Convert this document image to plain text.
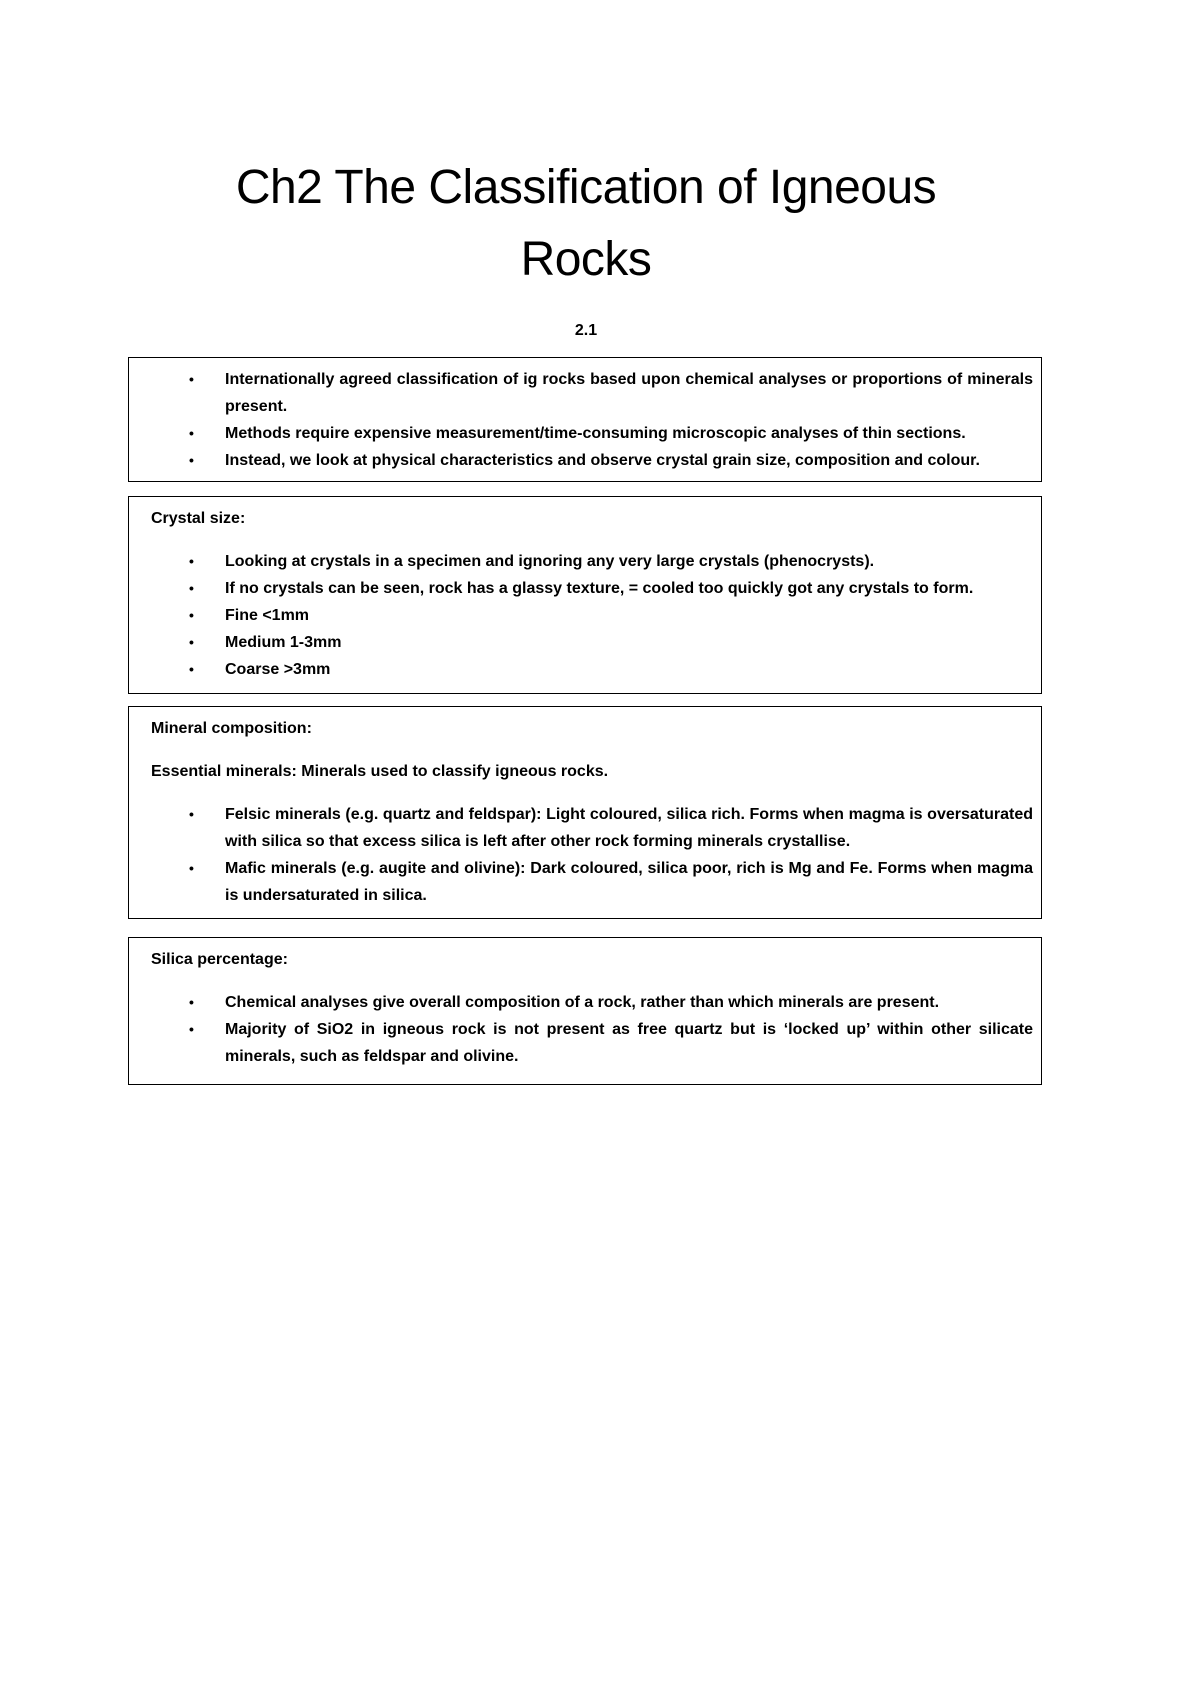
Ch2 The Classification of Igneous
Rocks
2.1
•	Internationally agreed classification of ig rocks based upon chemical analyses or proportions of minerals present.
•	Methods require expensive measurement/time-consuming microscopic analyses of thin sections.
•	Instead, we look at physical characteristics and observe crystal grain size, composition and colour.

Crystal size:

•	Looking at crystals in a specimen and ignoring any very large crystals (phenocrysts).
•	If no crystals can be seen, rock has a glassy texture, = cooled too quickly got any crystals to form.
•	Fine <1mm
•	Medium 1-3mm
•	Coarse >3mm

Mineral composition:

Essential minerals: Minerals used to classify igneous rocks.

•	Felsic minerals (e.g. quartz and feldspar): Light coloured, silica rich. Forms when magma is oversaturated with silica so that excess silica is left after other rock forming minerals crystallise.
•	Mafic minerals (e.g. augite and olivine): Dark coloured, silica poor, rich is Mg and Fe. Forms when magma is undersaturated in silica.

Silica percentage:

•	Chemical analyses give overall composition of a rock, rather than which minerals are present.
•	Majority of SiO2 in igneous rock is not present as free quartz but is ‘locked up’ within other silicate minerals, such as feldspar and olivine.
